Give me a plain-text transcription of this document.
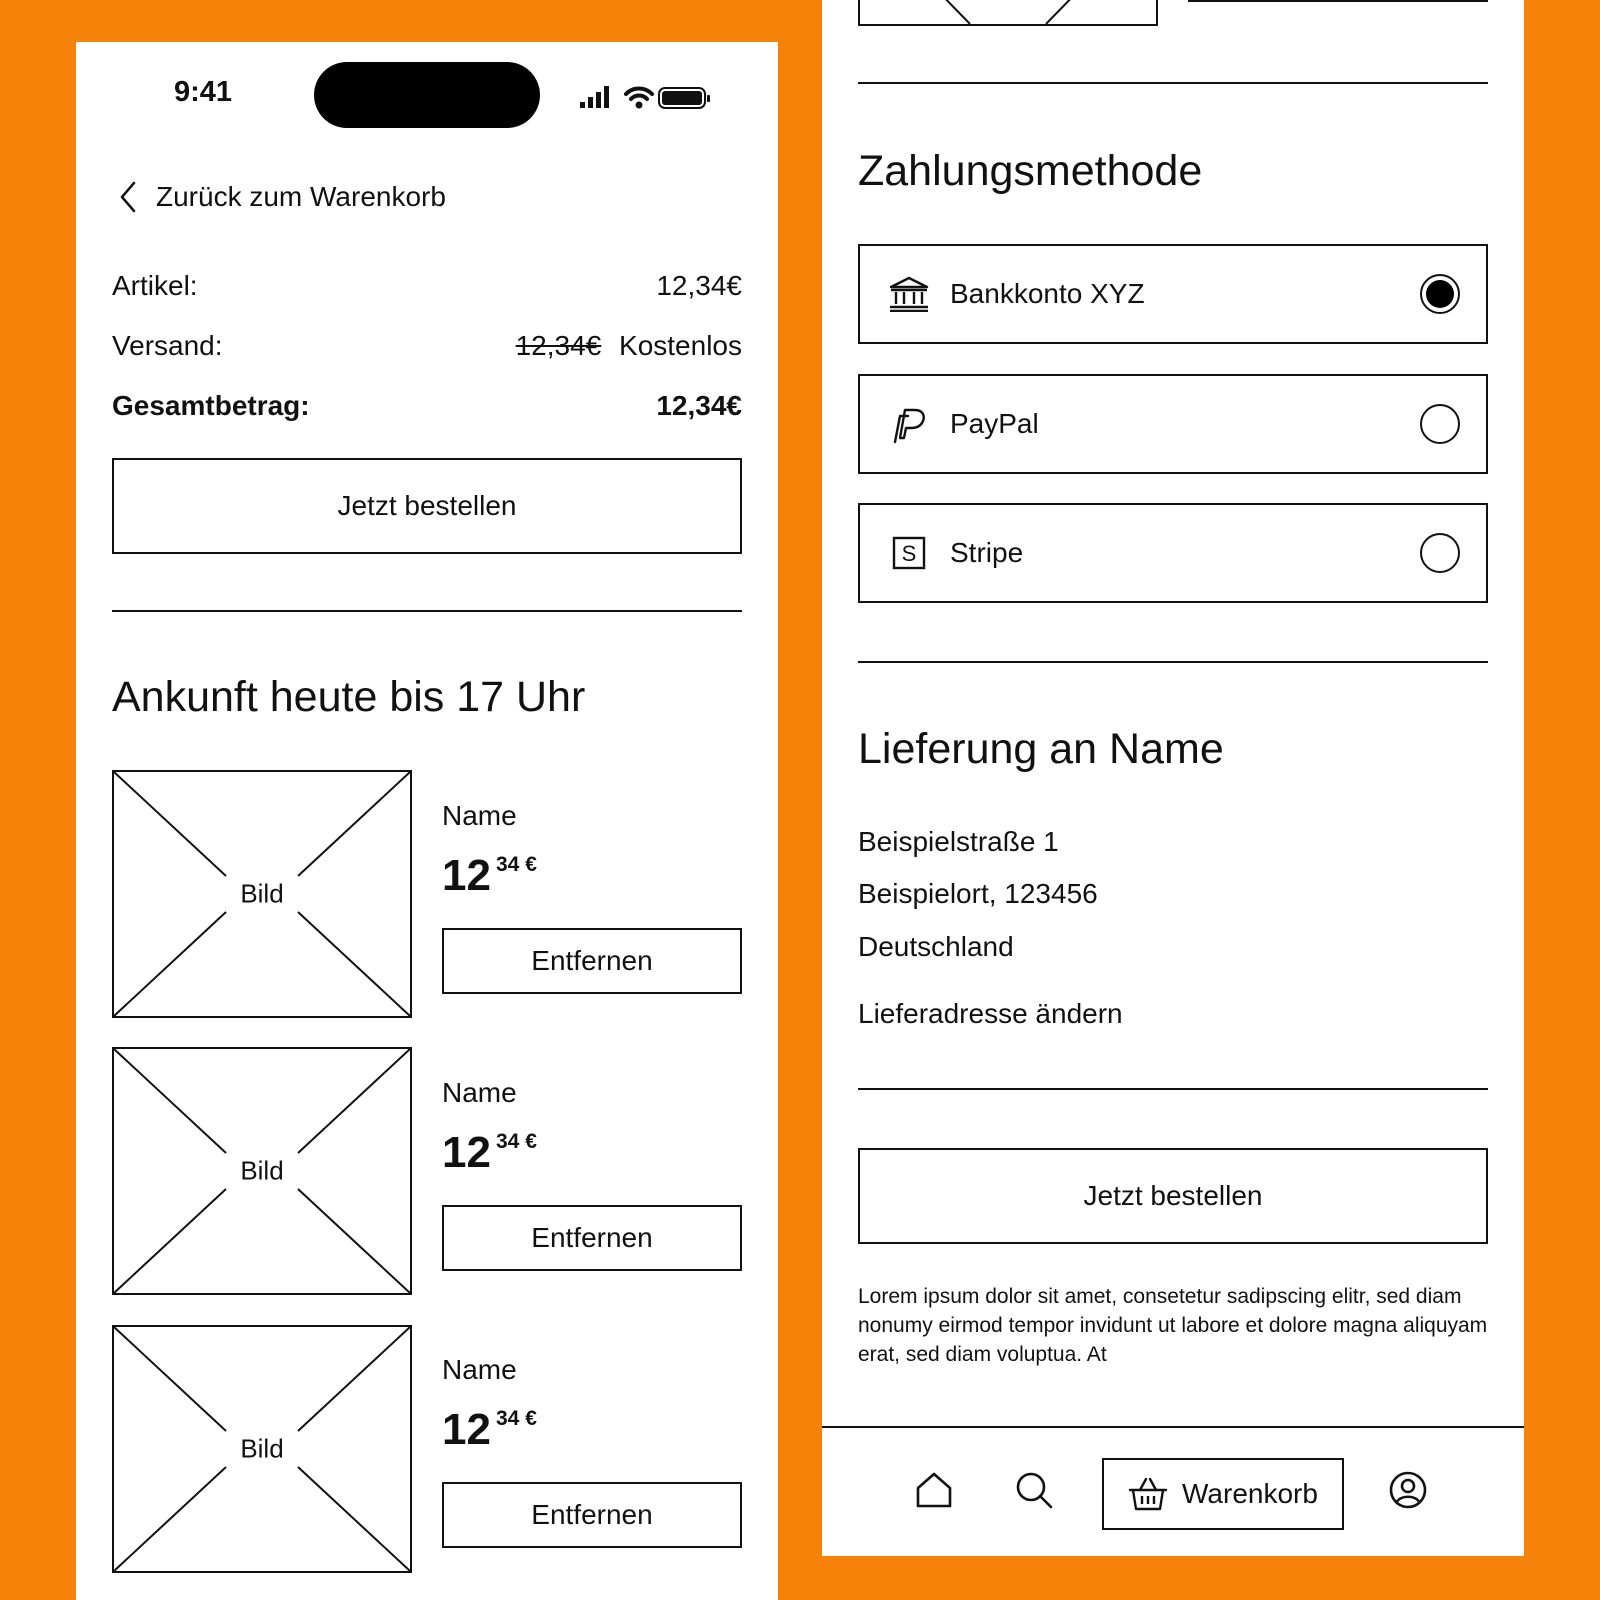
9:41
Zurück zum Warenkorb
Artikel:	12,34€
Versand:	12,34€ Kostenlos
Gesamtbetrag:	12,34€
Jetzt bestellen
Ankunft heute bis 17 Uhr
Bild
Name
12 34 €
Entfernen
Bild
Name
12 34 €
Entfernen
Bild
Name
12 34 €
Entfernen
Zahlungsmethode
Bankkonto XYZ
PayPal
S Stripe
Lieferung an Name
Beispielstraße 1
Beispielort, 123456
Deutschland
Lieferadresse ändern
Jetzt bestellen
Lorem ipsum dolor sit amet, consetetur sadipscing elitr, sed diam nonumy eirmod tempor invidunt ut labore et dolore magna aliquyam erat, sed diam voluptua. At
Warenkorb
